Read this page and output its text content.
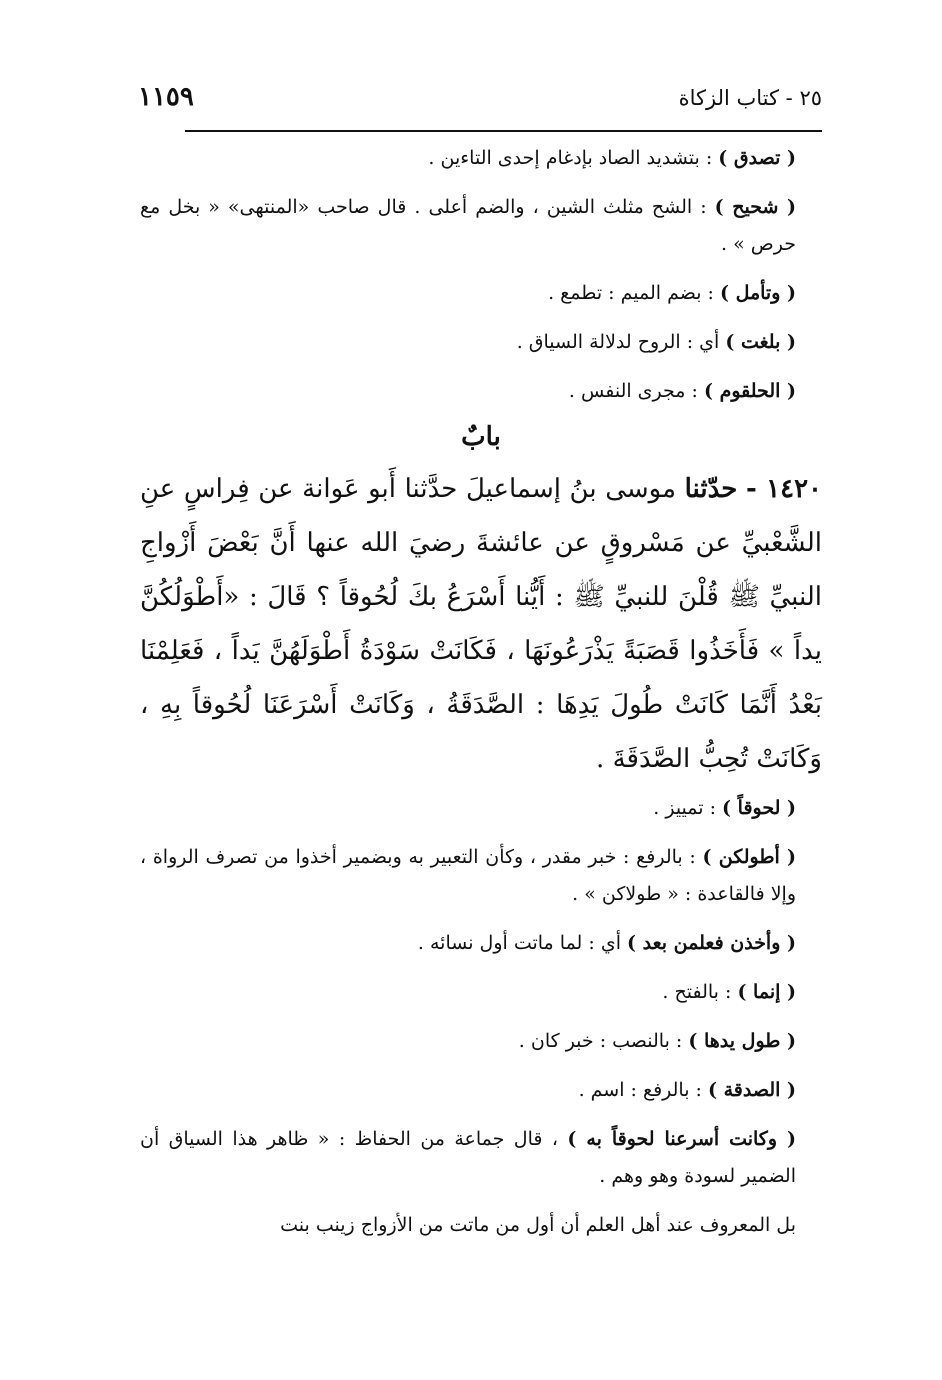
٢٥ - كتاب الزكاة
١١٥٩

( تصدق ) : بتشديد الصاد بإدغام إحدى التاءين .

( شحيح ) : الشح مثلث الشين ، والضم أعلى . قال صاحب «المنتهى» « بخل مع حرص » .

( وتأمل ) : بضم الميم : تطمع .

( بلغت ) أي : الروح لدلالة السياق .

( الحلقوم ) : مجرى النفس .

بابٌ

١٤٢٠ - حدّثنا موسى بنُ إسماعيلَ حدَّثنا أَبو عَوانة عن فِراسٍ عنِ الشَّعْبيِّ عن مَسْروقٍ عن عائشةَ رضيَ الله عنها أَنَّ بَعْضَ أَزْواجِ النبيِّ ﷺ قُلْنَ للنبيِّ ﷺ : أَيُّنا أَسْرَعُ بكَ لُحُوقاً ؟ قَالَ : «أَطْوَلُكُنَّ يداً » فَأَخَذُوا قَصَبَةً يَذْرَعُونَهَا ، فَكَانَتْ سَوْدَةُ أَطْوَلَهُنَّ يَداً ، فَعَلِمْنَا بَعْدُ أَنَّمَا كَانَتْ طُولَ يَدِهَا : الصَّدَقَةُ ، وَكَانَتْ أَسْرَعَنَا لُحُوقاً بِهِ ، وَكَانَتْ تُحِبُّ الصَّدَقَةَ .

( لحوقاً ) : تمييز .

( أطولكن ) : بالرفع : خبر مقدر ، وكأن التعبير به وبضمير أخذوا من تصرف الرواة ، وإلا فالقاعدة : « طولاكن » .

( وأخذن فعلمن بعد ) أي : لما ماتت أول نسائه .

( إنما ) : بالفتح .

( طول يدها ) : بالنصب : خبر كان .

( الصدقة ) : بالرفع : اسم .

( وكانت أسرعنا لحوقاً به ) ، قال جماعة من الحفاظ : « ظاهر هذا السياق أن الضمير لسودة وهو وهم .

بل المعروف عند أهل العلم أن أول من ماتت من الأزواج زينب بنت
